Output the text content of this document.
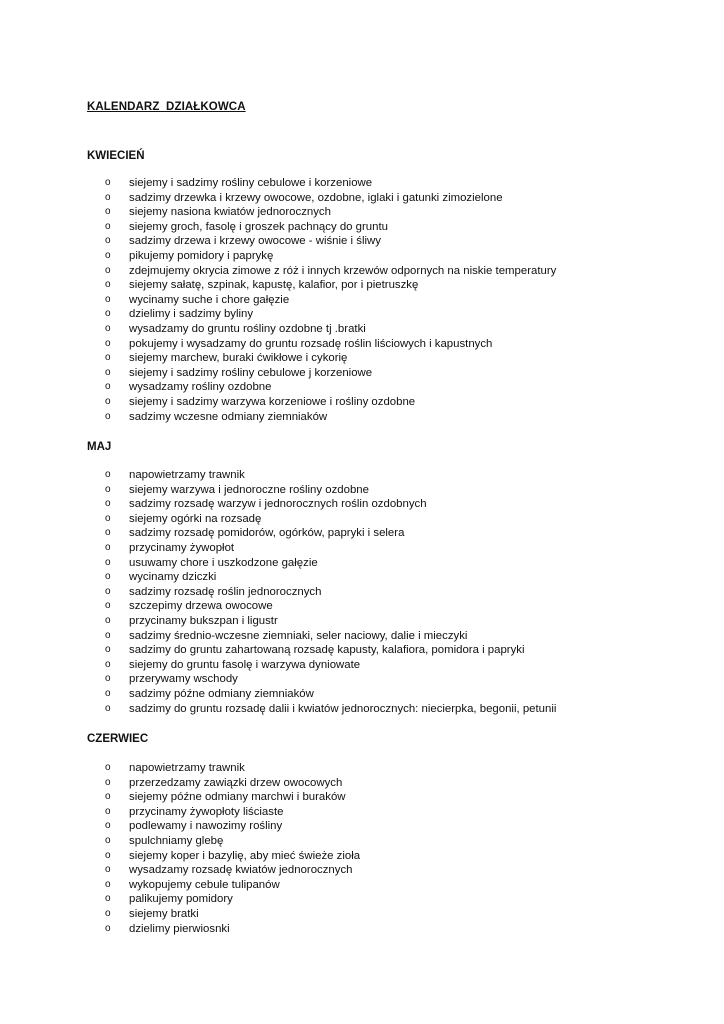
KALENDARZ  DZIAŁKOWCA
KWIECIEŃ
o siejemy i sadzimy rośliny cebulowe i korzeniowe
o sadzimy drzewka i krzewy owocowe, ozdobne, iglaki i gatunki zimozielone
o siejemy nasiona kwiatów jednorocznych
o siejemy groch, fasolę i groszek pachnący do gruntu
o sadzimy drzewa i krzewy owocowe - wiśnie i śliwy
o pikujemy pomidory i paprykę
o zdejmujemy okrycia zimowe z róż i innych krzewów odpornych na niskie temperatury
o siejemy sałatę, szpinak, kapustę, kalafior, por i pietruszkę
o wycinamy suche i chore gałęzie
o dzielimy i sadzimy byliny
o wysadzamy do gruntu rośliny ozdobne tj .bratki
o pokujemy i wysadzamy do gruntu rozsadę roślin liściowych i kapustnych
o siejemy marchew, buraki ćwikłowe i cykorię
o siejemy i sadzimy rośliny cebulowe j korzeniowe
o wysadzamy rośliny ozdobne
o siejemy i sadzimy warzywa korzeniowe i rośliny ozdobne
o sadzimy wczesne odmiany ziemniaków
MAJ
o napowietrzamy trawnik
o siejemy warzywa i jednoroczne rośliny ozdobne
o sadzimy rozsadę warzyw i jednorocznych roślin ozdobnych
o siejemy ogórki na rozsadę
o sadzimy rozsadę pomidorów, ogórków, papryki i selera
o przycinamy żywopłot
o usuwamy chore i uszkodzone gałęzie
o wycinamy dziczki
o sadzimy rozsadę roślin jednorocznych
o szczepimy drzewa owocowe
o przycinamy bukszpan i ligustr
o sadzimy średnio-wczesne ziemniaki, seler naciowy, dalie i mieczyki
o sadzimy do gruntu zahartowaną rozsadę kapusty, kalafiora, pomidora i papryki
o siejemy do gruntu fasolę i warzywa dyniowate
o przerywamy wschody
o sadzimy późne odmiany ziemniaków
o sadzimy do gruntu rozsadę dalii i kwiatów jednorocznych: niecierpka, begonii, petunii
CZERWIEC
o napowietrzamy trawnik
o przerzedzamy zawiązki drzew owocowych
o siejemy późne odmiany marchwi i buraków
o przycinamy żywopłoty liściaste
o podlewamy i nawozimy rośliny
o spulchniamy glebę
o siejemy koper i bazylię, aby mieć świeże zioła
o wysadzamy rozsadę kwiatów jednorocznych
o wykopujemy cebule tulipanów
o palikujemy pomidory
o siejemy bratki
o dzielimy pierwiosnki
